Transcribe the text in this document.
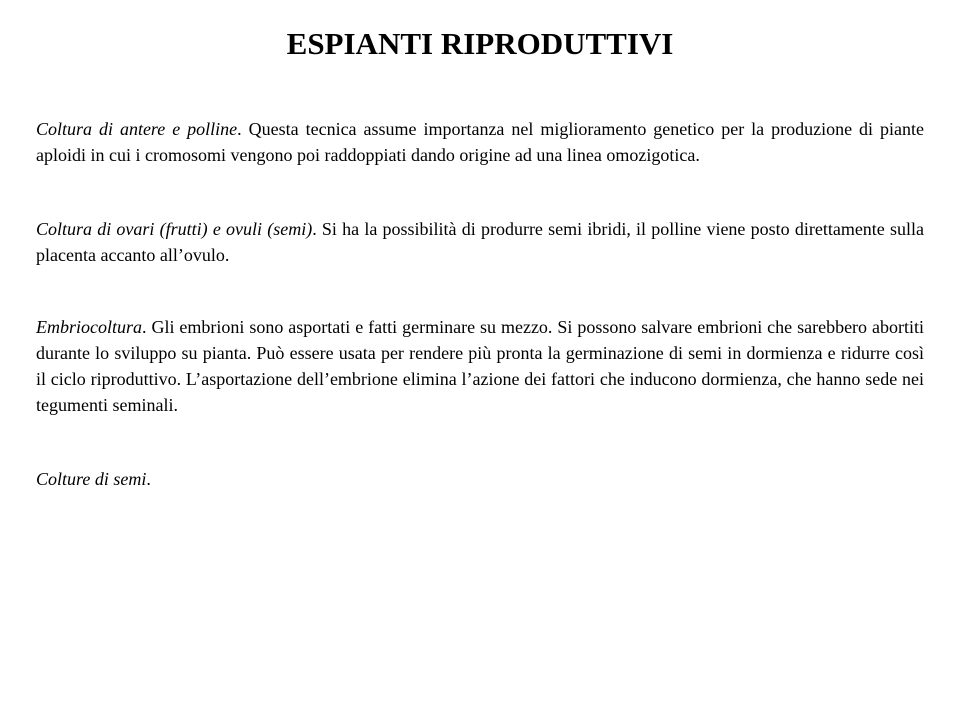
ESPIANTI RIPRODUTTIVI

Coltura di antere e polline. Questa tecnica assume importanza nel miglioramento genetico per la produzione di piante aploidi in cui i cromosomi vengono poi raddoppiati dando origine ad una linea omozigotica.

Coltura di ovari (frutti) e ovuli (semi). Si ha la possibilità di produrre semi ibridi, il polline viene posto direttamente sulla placenta accanto all’ovulo.

Embriocoltura. Gli embrioni sono asportati e fatti germinare su mezzo. Si possono salvare embrioni che sarebbero abortiti durante lo sviluppo su pianta. Può essere usata per rendere più pronta la germinazione di semi in dormienza e ridurre così il ciclo riproduttivo. L’asportazione dell’embrione elimina l’azione dei fattori che inducono dormienza, che hanno sede nei tegumenti seminali.

Colture di semi.
